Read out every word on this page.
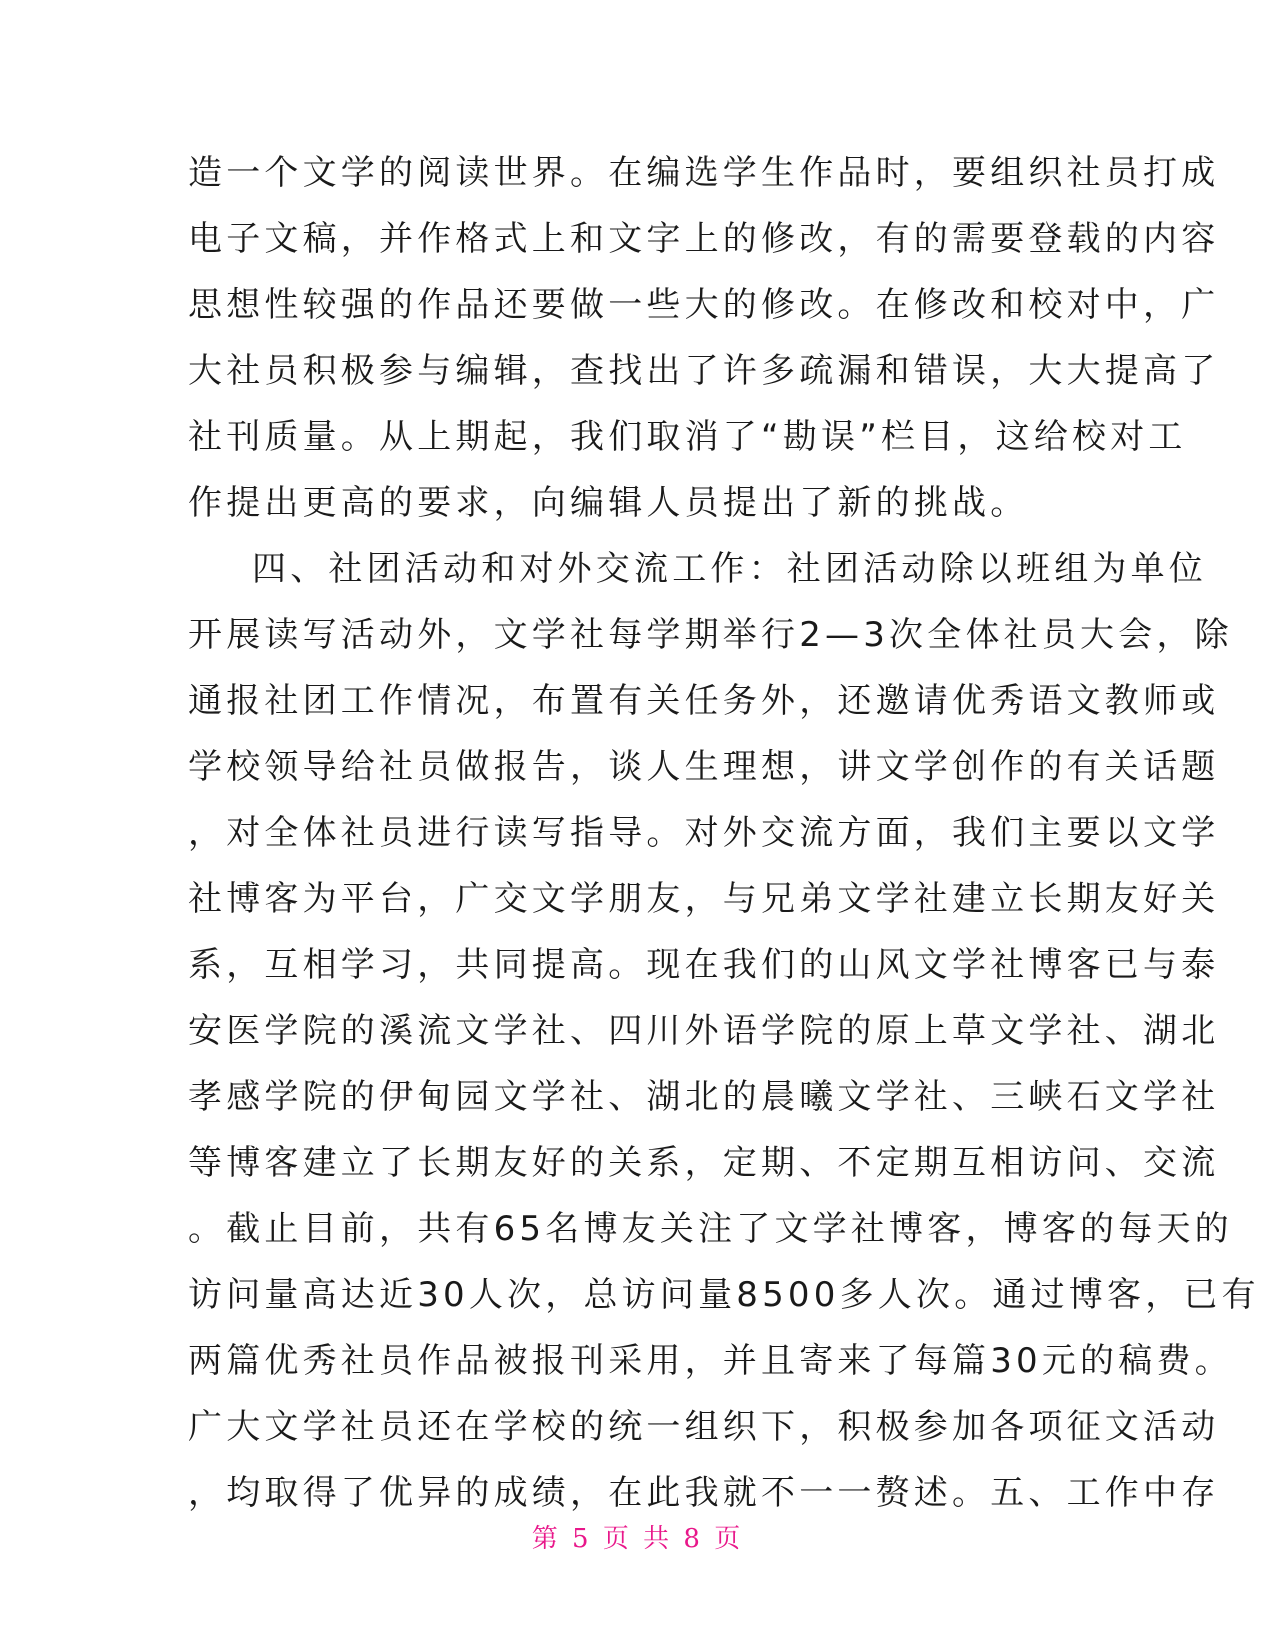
造一个文学的阅读世界。在编选学生作品时，要组织社员打成
电子文稿，并作格式上和文字上的修改，有的需要登载的内容
思想性较强的作品还要做一些大的修改。在修改和校对中，广
大社员积极参与编辑，查找出了许多疏漏和错误，大大提高了
社刊质量。从上期起，我们取消了“勘误”栏目，这给校对工
作提出更高的要求，向编辑人员提出了新的挑战。
四、社团活动和对外交流工作：社团活动除以班组为单位
开展读写活动外，文学社每学期举行2—3次全体社员大会，除
通报社团工作情况，布置有关任务外，还邀请优秀语文教师或
学校领导给社员做报告，谈人生理想，讲文学创作的有关话题
，对全体社员进行读写指导。对外交流方面，我们主要以文学
社博客为平台，广交文学朋友，与兄弟文学社建立长期友好关
系，互相学习，共同提高。现在我们的山风文学社博客已与泰
安医学院的溪流文学社、四川外语学院的原上草文学社、湖北
孝感学院的伊甸园文学社、湖北的晨曦文学社、三峡石文学社
等博客建立了长期友好的关系，定期、不定期互相访问、交流
。截止目前，共有65名博友关注了文学社博客，博客的每天的
访问量高达近30人次，总访问量8500多人次。通过博客，已有
两篇优秀社员作品被报刊采用，并且寄来了每篇30元的稿费。
广大文学社员还在学校的统一组织下，积极参加各项征文活动
，均取得了优异的成绩，在此我就不一一赘述。五、工作中存
第 5 页 共 8 页
